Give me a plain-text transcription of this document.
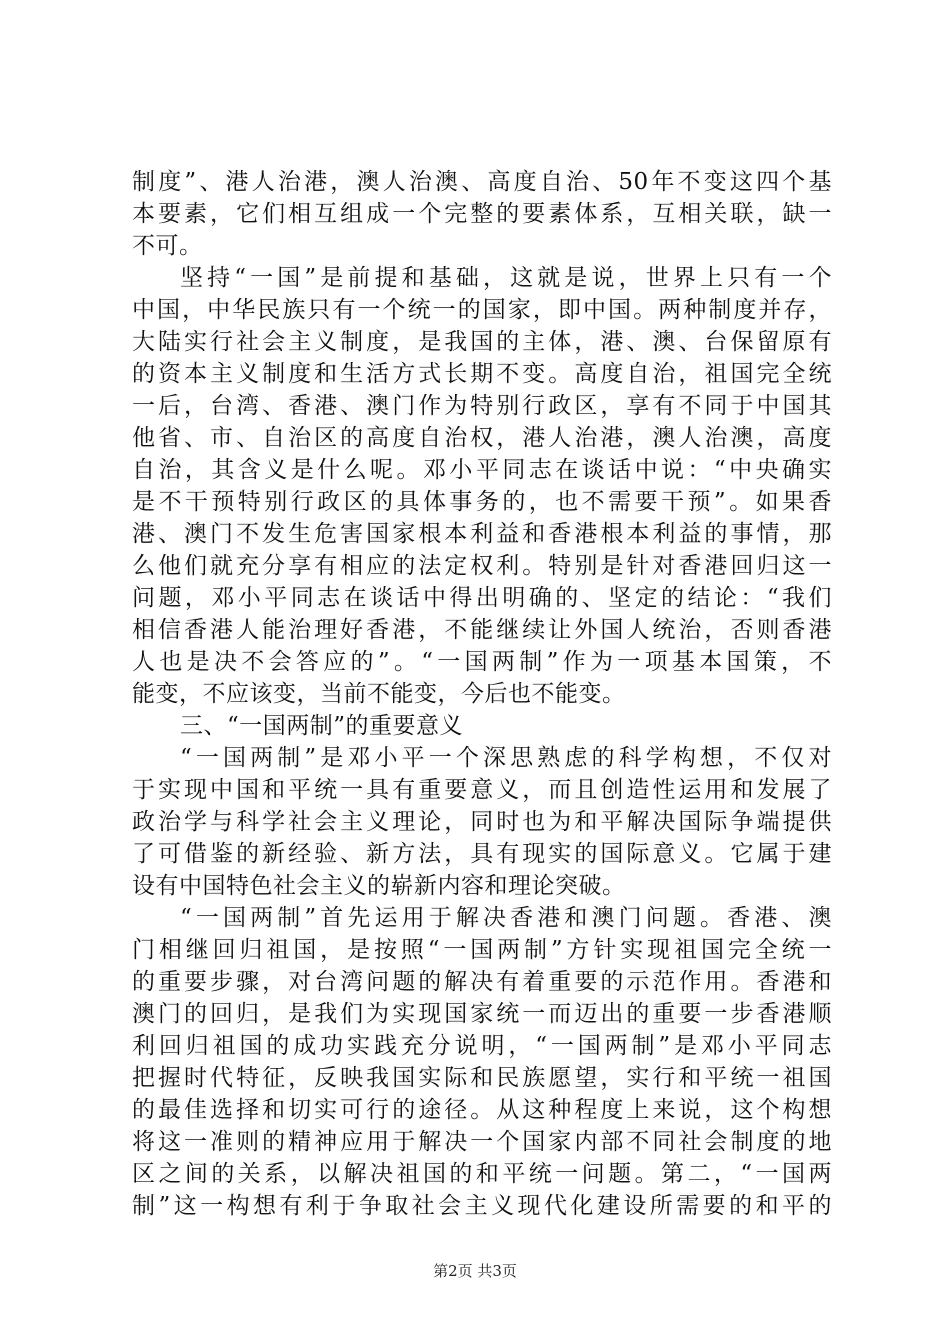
制度”、港人治港，澳人治澳、高度自治、50年不变这四个基
本要素，它们相互组成一个完整的要素体系，互相关联，缺一
不可。
坚持“一国”是前提和基础，这就是说，世界上只有一个
中国，中华民族只有一个统一的国家，即中国。两种制度并存，
大陆实行社会主义制度，是我国的主体，港、澳、台保留原有
的资本主义制度和生活方式长期不变。高度自治，祖国完全统
一后，台湾、香港、澳门作为特别行政区，享有不同于中国其
他省、市、自治区的高度自治权，港人治港，澳人治澳，高度
自治，其含义是什么呢。邓小平同志在谈话中说：“中央确实
是不干预特别行政区的具体事务的，也不需要干预”。如果香
港、澳门不发生危害国家根本利益和香港根本利益的事情，那
么他们就充分享有相应的法定权利。特别是针对香港回归这一
问题，邓小平同志在谈话中得出明确的、坚定的结论：“我们
相信香港人能治理好香港，不能继续让外国人统治，否则香港
人也是决不会答应的”。“一国两制”作为一项基本国策，不
能变，不应该变，当前不能变，今后也不能变。
三、“一国两制”的重要意义
“一国两制”是邓小平一个深思熟虑的科学构想，不仅对
于实现中国和平统一具有重要意义，而且创造性运用和发展了
政治学与科学社会主义理论，同时也为和平解决国际争端提供
了可借鉴的新经验、新方法，具有现实的国际意义。它属于建
设有中国特色社会主义的崭新内容和理论突破。
“一国两制”首先运用于解决香港和澳门问题。香港、澳
门相继回归祖国，是按照“一国两制”方针实现祖国完全统一
的重要步骤，对台湾问题的解决有着重要的示范作用。香港和
澳门的回归，是我们为实现国家统一而迈出的重要一步香港顺
利回归祖国的成功实践充分说明，“一国两制”是邓小平同志
把握时代特征，反映我国实际和民族愿望，实行和平统一祖国
的最佳选择和切实可行的途径。从这种程度上来说，这个构想
将这一准则的精神应用于解决一个国家内部不同社会制度的地
区之间的关系，以解决祖国的和平统一问题。第二，“一国两
制”这一构想有利于争取社会主义现代化建设所需要的和平的
第2页 共3页
